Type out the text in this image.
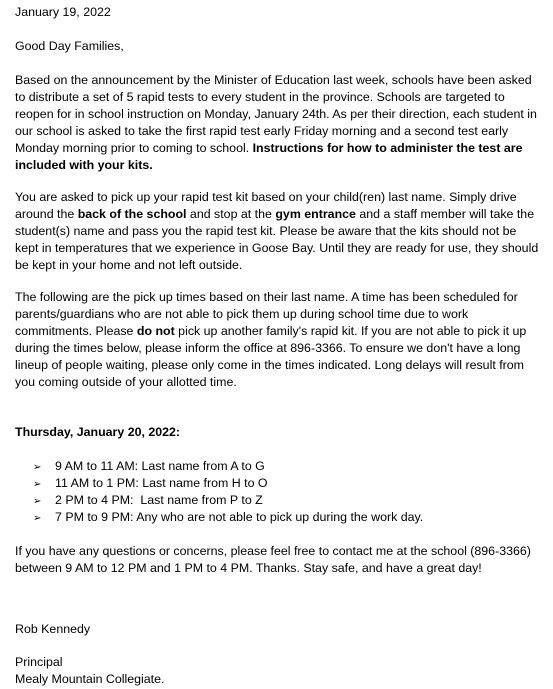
January 19, 2022
Good Day Families,
Based on the announcement by the Minister of Education last week, schools have been asked
to distribute a set of 5 rapid tests to every student in the province. Schools are targeted to
reopen for in school instruction on Monday, January 24th. As per their direction, each student in
our school is asked to take the first rapid test early Friday morning and a second test early
Monday morning prior to coming to school. Instructions for how to administer the test are
included with your kits.
You are asked to pick up your rapid test kit based on your child(ren) last name. Simply drive
around the back of the school and stop at the gym entrance and a staff member will take the
student(s) name and pass you the rapid test kit. Please be aware that the kits should not be
kept in temperatures that we experience in Goose Bay. Until they are ready for use, they should
be kept in your home and not left outside.
The following are the pick up times based on their last name. A time has been scheduled for
parents/guardians who are not able to pick them up during school time due to work
commitments. Please do not pick up another family's rapid kit. If you are not able to pick it up
during the times below, please inform the office at 896-3366. To ensure we don't have a long
lineup of people waiting, please only come in the times indicated. Long delays will result from
you coming outside of your allotted time.
Thursday, January 20, 2022:
➢ 9 AM to 11 AM: Last name from A to G
➢ 11 AM to 1 PM: Last name from H to O
➢ 2 PM to 4 PM:  Last name from P to Z
➢ 7 PM to 9 PM: Any who are not able to pick up during the work day.
If you have any questions or concerns, please feel free to contact me at the school (896-3366)
between 9 AM to 12 PM and 1 PM to 4 PM. Thanks. Stay safe, and have a great day!
Rob Kennedy
Principal
Mealy Mountain Collegiate.
